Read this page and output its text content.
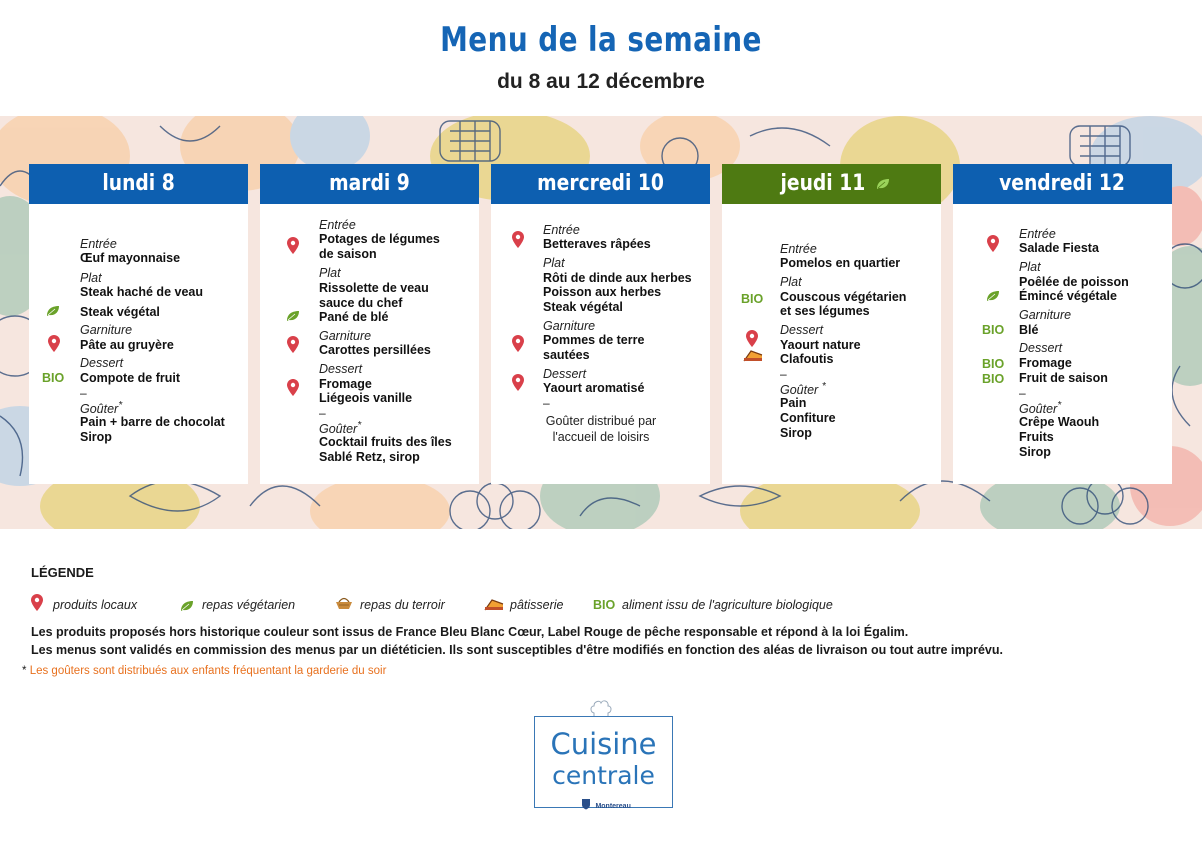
Menu de la semaine
du 8 au 12 décembre
lundi 8
Entrée
Œuf mayonnaise
Plat
Steak haché de veau
Steak végétal
Garniture
Pâte au gruyère
Dessert
BIO Compote de fruit
–
Goûter*
Pain + barre de chocolat
Sirop
mardi 9
Entrée
Potages de légumes
de saison
Plat
Rissolette de veau
sauce du chef
Pané de blé
Garniture
Carottes persillées
Dessert
Fromage
Liégeois vanille
–
Goûter*
Cocktail fruits des îles
Sablé Retz, sirop
mercredi 10
Entrée
Betteraves râpées
Plat
Rôti de dinde aux herbes
Poisson aux herbes
Steak végétal
Garniture
Pommes de terre
sautées
Dessert
Yaourt aromatisé
–
Goûter distribué par
l'accueil de loisirs
jeudi 11
Entrée
Pomelos en quartier
Plat
BIO Couscous végétarien
et ses légumes
Dessert
Yaourt nature
Clafoutis
–
Goûter *
Pain
Confiture
Sirop
vendredi 12
Entrée
Salade Fiesta
Plat
Poêlée de poisson
Émincé végétale
Garniture
BIO Blé
Dessert
BIO Fromage
BIO Fruit de saison
–
Goûter*
Crêpe Waouh
Fruits
Sirop
LÉGENDE
produits locaux	repas végétarien	repas du terroir	pâtisserie BIO aliment issu de l'agriculture biologique
Les produits proposés hors historique couleur sont issus de France Bleu Blanc Cœur, Label Rouge de pêche responsable et répond à la loi Égalim.
Les menus sont validés en commission des menus par un diététicien. Ils sont susceptibles d'être modifiés en fonction des aléas de livraison ou tout autre imprévu.
* Les goûters sont distribués aux enfants fréquentant la garderie du soir
Cuisine
centrale
Montereau
